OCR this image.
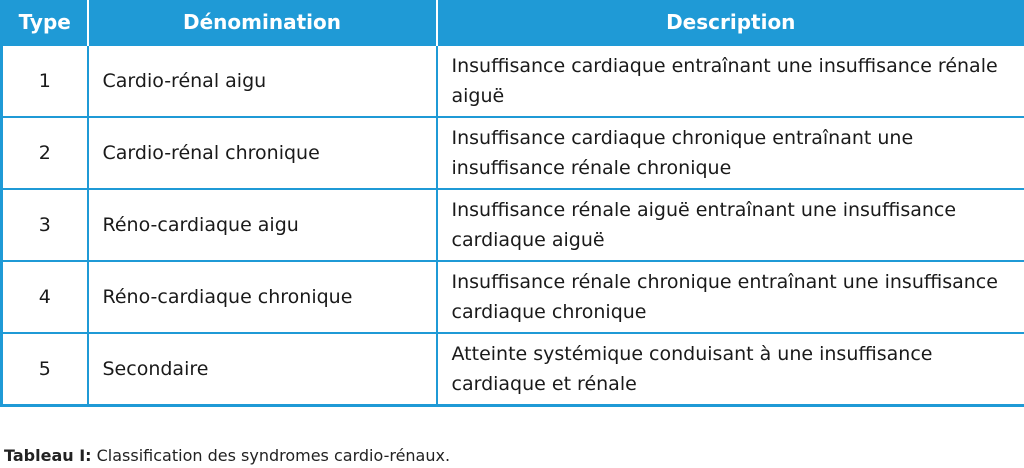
Type	Dénomination	Description
1	Cardio-rénal aigu	Insuffisance cardiaque entraînant une insuffisance rénale aiguë
2	Cardio-rénal chronique	Insuffisance cardiaque chronique entraînant une insuffisance rénale chronique
3	Réno-cardiaque aigu	Insuffisance rénale aiguë entraînant une insuffisance cardiaque aiguë
4	Réno-cardiaque chronique	Insuffisance rénale chronique entraînant une insuffisance cardiaque chronique
5	Secondaire	Atteinte systémique conduisant à une insuffisance cardiaque et rénale
Tableau I: Classification des syndromes cardio-rénaux.
